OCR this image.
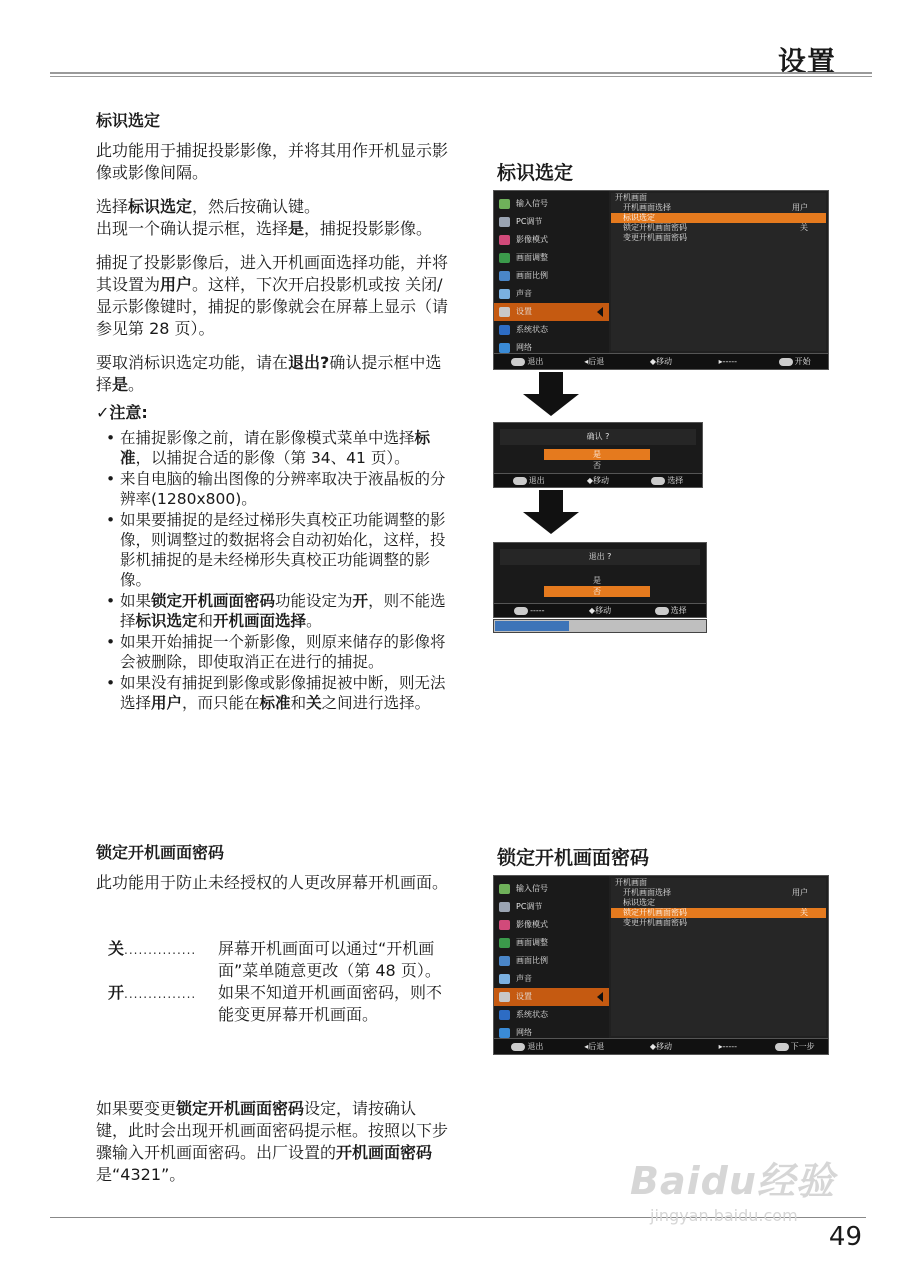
设置
标识选定
此功能用于捕捉投影影像，并将其用作开机显示影像或影像间隔。
选择标识选定，然后按确认键。
出现一个确认提示框，选择是，捕捉投影影像。
捕捉了投影影像后，进入开机画面选择功能，并将其设置为用户。这样，下次开启投影机或按 关闭/显示影像键时，捕捉的影像就会在屏幕上显示（请参见第 28 页）。
要取消标识选定功能，请在退出?确认提示框中选择是。
✓注意:
• 在捕捉影像之前，请在影像模式菜单中选择标准，以捕捉合适的影像（第 34、41 页）。
• 来自电脑的输出图像的分辨率取决于液晶板的分辨率(1280x800)。
• 如果要捕捉的是经过梯形失真校正功能调整的影像，则调整过的数据将会自动初始化，这样，投影机捕捉的是未经梯形失真校正功能调整的影像。
• 如果锁定开机画面密码功能设定为开，则不能选择标识选定和开机画面选择。
• 如果开始捕捉一个新影像，则原来储存的影像将会被删除，即使取消正在进行的捕捉。
• 如果没有捕捉到影像或影像捕捉被中断，则无法选择用户，而只能在标准和关之间进行选择。
锁定开机画面密码
此功能用于防止未经授权的人更改屏幕开机画面。
关...............	屏幕开机画面可以通过“开机画面”菜单随意更改（第 48 页）。
开...............	如果不知道开机画面密码，则不能变更屏幕开机画面。
如果要变更锁定开机画面密码设定，请按确认键，此时会出现开机画面密码提示框。按照以下步骤输入开机画面密码。出厂设置的开机画面密码是“4321”。
标识选定
输入信号
PC调节
影像模式
画面调整
画面比例
声音
设置
系统状态
网络
开机画面
开机画面选择	用户
标识选定
锁定开机画面密码	关
变更开机画面密码
退出	◂后退	◆移动	▸-----	开始
确认 ?
是
否
退出	◆移动	选择
退出 ?
是
否
-----	◆移动	选择
锁定开机画面密码
输入信号
PC调节
影像模式
画面调整
画面比例
声音
设置
系统状态
网络
开机画面
开机画面选择	用户
标识选定
锁定开机画面密码	关
变更开机画面密码
退出	◂后退	◆移动	▸-----	下一步
49
Baidu经验
jingyan.baidu.com
